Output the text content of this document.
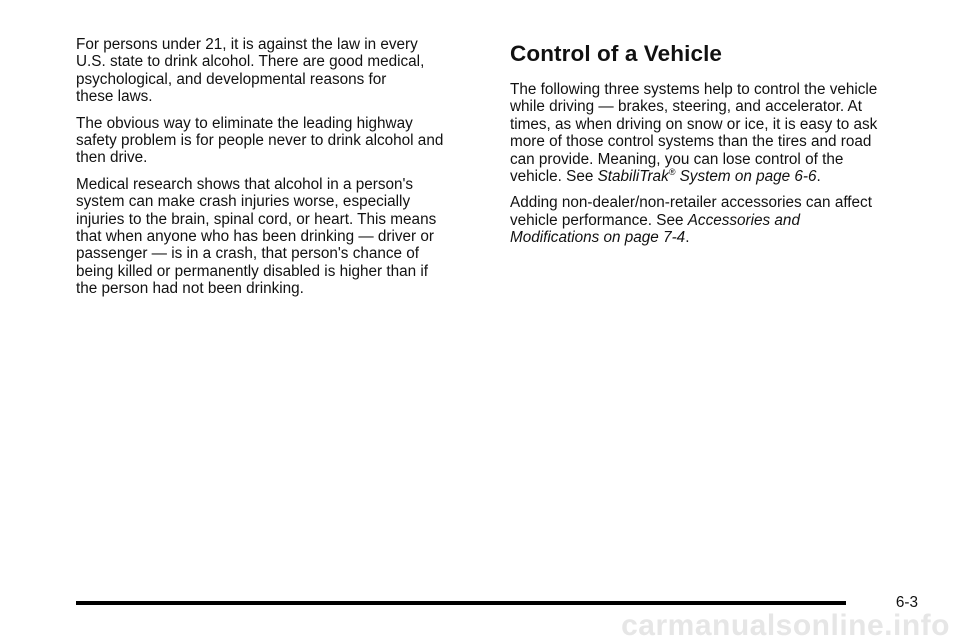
For persons under 21, it is against the law in every
U.S. state to drink alcohol. There are good medical,
psychological, and developmental reasons for
these laws.

The obvious way to eliminate the leading highway
safety problem is for people never to drink alcohol and
then drive.

Medical research shows that alcohol in a person's
system can make crash injuries worse, especially
injuries to the brain, spinal cord, or heart. This means
that when anyone who has been drinking — driver or
passenger — is in a crash, that person's chance of
being killed or permanently disabled is higher than if
the person had not been drinking.

Control of a Vehicle

The following three systems help to control the vehicle
while driving — brakes, steering, and accelerator. At
times, as when driving on snow or ice, it is easy to ask
more of those control systems than the tires and road
can provide. Meaning, you can lose control of the
vehicle. See StabiliTrak® System on page 6-6.

Adding non-dealer/non-retailer accessories can affect
vehicle performance. See Accessories and
Modifications on page 7-4.

6-3
carmanualsonline.info
